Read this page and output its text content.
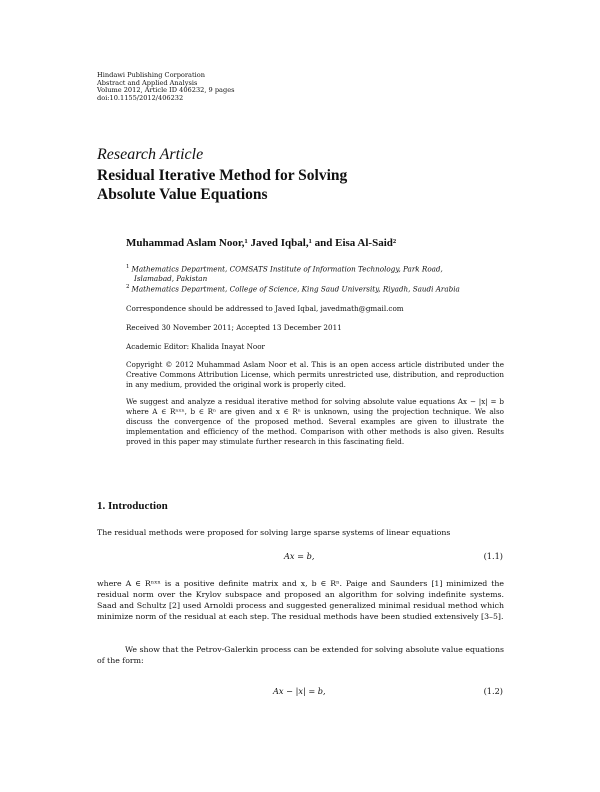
Hindawi Publishing Corporation
Abstract and Applied Analysis
Volume 2012, Article ID 406232, 9 pages
doi:10.1155/2012/406232
Research Article
Residual Iterative Method for Solving
Absolute Value Equations
Muhammad Aslam Noor,¹ Javed Iqbal,¹ and Eisa Al-Said²
$^1$ Mathematics Department, COMSATS Institute of Information Technology, Park Road,
Islamabad, Pakistan
$^2$ Mathematics Department, College of Science, King Saud University, Riyadh, Saudi Arabia
Correspondence should be addressed to Javed Iqbal, javedmath@gmail.com
Received 30 November 2011; Accepted 13 December 2011
Academic Editor: Khalida Inayat Noor
Copyright © 2012 Muhammad Aslam Noor et al. This is an open access article distributed under the Creative Commons Attribution License, which permits unrestricted use, distribution, and reproduction in any medium, provided the original work is properly cited.
We suggest and analyze a residual iterative method for solving absolute value equations Ax − |x| = b where A ∈ Rⁿˣⁿ, b ∈ Rⁿ are given and x ∈ Rⁿ is unknown, using the projection technique. We also discuss the convergence of the proposed method. Several examples are given to illustrate the implementation and efficiency of the method. Comparison with other methods is also given. Results proved in this paper may stimulate further research in this fascinating field.
1. Introduction
The residual methods were proposed for solving large sparse systems of linear equations
Ax = b,	(1.1)
where A ∈ Rⁿˣⁿ is a positive definite matrix and x, b ∈ Rⁿ. Paige and Saunders [1] minimized the residual norm over the Krylov subspace and proposed an algorithm for solving indefinite systems. Saad and Schultz [2] used Arnoldi process and suggested generalized minimal residual method which minimize norm of the residual at each step. The residual methods have been studied extensively [3–5].
We show that the Petrov-Galerkin process can be extended for solving absolute value equations of the form:
Ax − |x| = b,	(1.2)
